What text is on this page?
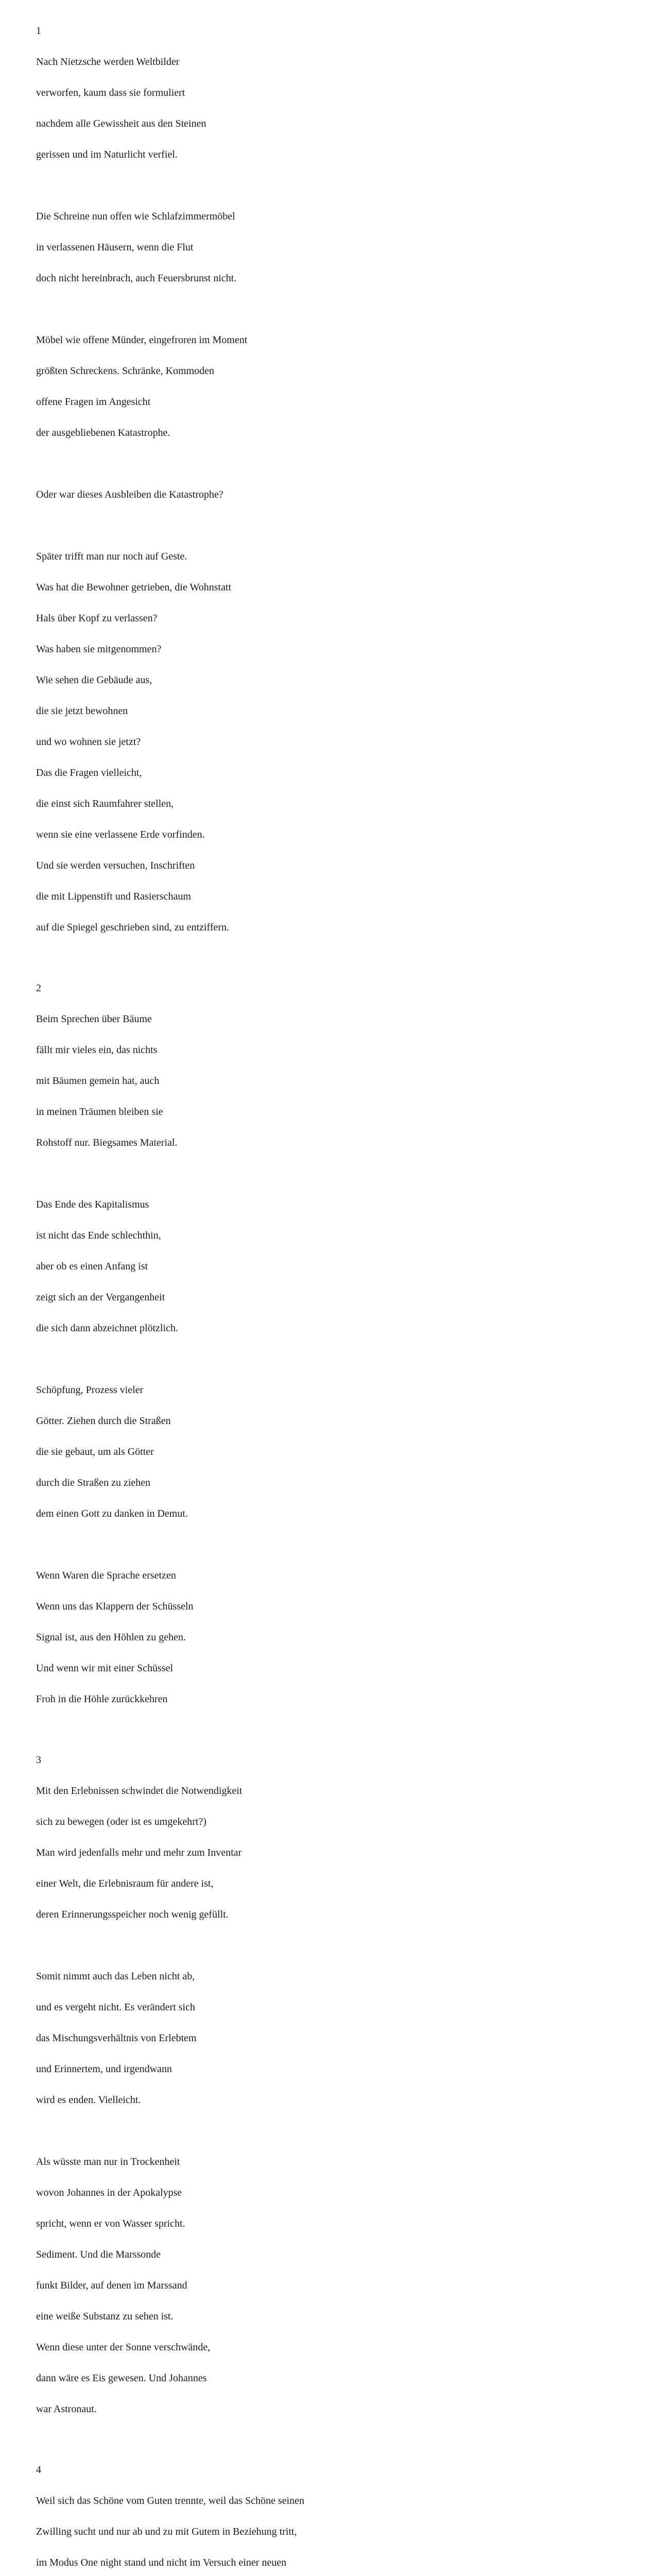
1
Nach Nietzsche werden Weltbilder
verworfen, kaum dass sie formuliert
nachdem alle Gewissheit aus den Steinen
gerissen und im Naturlicht verfiel.
Die Schreine nun offen wie Schlafzimmermöbel
in verlassenen Häusern, wenn die Flut
doch nicht hereinbrach, auch Feuersbrunst nicht.
Möbel wie offene Münder, eingefroren im Moment
größten Schreckens. Schränke, Kommoden
offene Fragen im Angesicht
der ausgebliebenen Katastrophe.
Oder war dieses Ausbleiben die Katastrophe?
Später trifft man nur noch auf Geste.
Was hat die Bewohner getrieben, die Wohnstatt
Hals über Kopf zu verlassen?
Was haben sie mitgenommen?
Wie sehen die Gebäude aus,
die sie jetzt bewohnen
und wo wohnen sie jetzt?
Das die Fragen vielleicht,
die einst sich Raumfahrer stellen,
wenn sie eine verlassene Erde vorfinden.
Und sie werden versuchen, Inschriften
die mit Lippenstift und Rasierschaum
auf die Spiegel geschrieben sind, zu entziffern.
2
Beim Sprechen über Bäume
fällt mir vieles ein, das nichts
mit Bäumen gemein hat, auch
in meinen Träumen bleiben sie
Rohstoff nur. Biegsames Material.
Das Ende des Kapitalismus
ist nicht das Ende schlechthin,
aber ob es einen Anfang ist
zeigt sich an der Vergangenheit
die sich dann abzeichnet plötzlich.
Schöpfung, Prozess vieler
Götter. Ziehen durch die Straßen
die sie gebaut, um als Götter
durch die Straßen zu ziehen
dem einen Gott zu danken in Demut.
Wenn Waren die Sprache ersetzen
Wenn uns das Klappern der Schüsseln
Signal ist, aus den Höhlen zu gehen.
Und wenn wir mit einer Schüssel
Froh in die Höhle zurückkehren
3
Mit den Erlebnissen schwindet die Notwendigkeit
sich zu bewegen (oder ist es umgekehrt?)
Man wird jedenfalls mehr und mehr zum Inventar
einer Welt, die Erlebnisraum für andere ist,
deren Erinnerungsspeicher noch wenig gefüllt.
Somit nimmt auch das Leben nicht ab,
und es vergeht nicht. Es verändert sich
das Mischungsverhältnis von Erlebtem
und Erinnertem, und irgendwann
wird es enden. Vielleicht.
Als wüsste man nur in Trockenheit
wovon Johannes in der Apokalypse
spricht, wenn er von Wasser spricht.
Sediment. Und die Marssonde
funkt Bilder, auf denen im Marssand
eine weiße Substanz zu sehen ist.
Wenn diese unter der Sonne verschwände,
dann wäre es Eis gewesen. Und Johannes
war Astronaut.
4
Weil sich das Schöne vom Guten trennte, weil das Schöne seinen
Zwilling sucht und nur ab und zu mit Gutem in Beziehung tritt,
im Modus One night stand und nicht im Versuch einer neuen
